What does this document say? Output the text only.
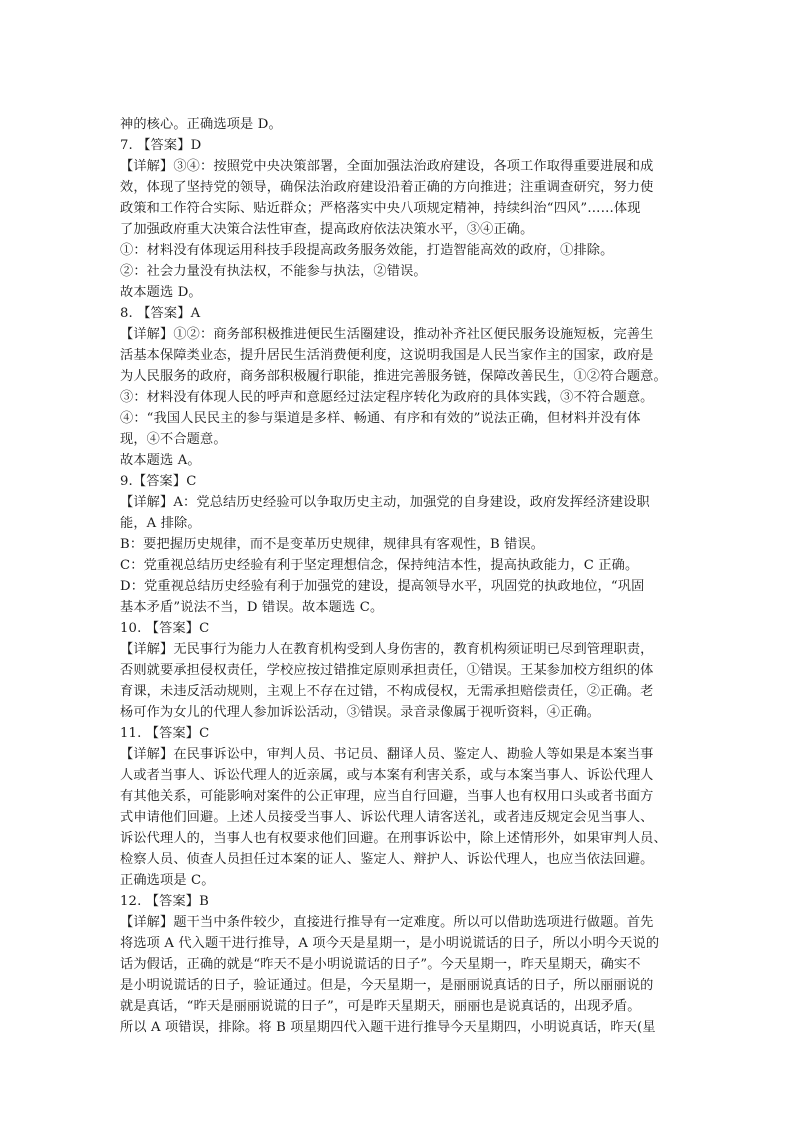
神的核心。正确选项是 D。
7. 【答案】D
【详解】③④：按照党中央决策部署，全面加强法治政府建设，各项工作取得重要进展和成
效，体现了坚持党的领导，确保法治政府建设沿着正确的方向推进；注重调查研究，努力使
政策和工作符合实际、贴近群众；严格落实中央八项规定精神，持续纠治“四风”……体现
了加强政府重大决策合法性审查，提高政府依法决策水平，③④正确。
①：材料没有体现运用科技手段提高政务服务效能，打造智能高效的政府，①排除。
②：社会力量没有执法权，不能参与执法，②错误。
故本题选 D。
8. 【答案】A
【详解】①②：商务部积极推进便民生活圈建设，推动补齐社区便民服务设施短板，完善生
活基本保障类业态，提升居民生活消费便利度，这说明我国是人民当家作主的国家，政府是
为人民服务的政府，商务部积极履行职能，推进完善服务链，保障改善民生，①②符合题意。
③：材料没有体现人民的呼声和意愿经过法定程序转化为政府的具体实践，③不符合题意。
④：“我国人民民主的参与渠道是多样、畅通、有序和有效的”说法正确，但材料并没有体
现，④不合题意。
故本题选 A。
9.【答案】C
【详解】A：党总结历史经验可以争取历史主动，加强党的自身建设，政府发挥经济建设职
能，A 排除。
B：要把握历史规律，而不是变革历史规律，规律具有客观性，B 错误。
C：党重视总结历史经验有利于坚定理想信念，保持纯洁本性，提高执政能力，C 正确。
D：党重视总结历史经验有利于加强党的建设，提高领导水平，巩固党的执政地位，“巩固
基本矛盾”说法不当，D 错误。故本题选 C。
10. 【答案】C
【详解】无民事行为能力人在教育机构受到人身伤害的，教育机构须证明已尽到管理职责，
否则就要承担侵权责任，学校应按过错推定原则承担责任，①错误。王某参加校方组织的体
育课，未违反活动规则，主观上不存在过错，不构成侵权，无需承担赔偿责任，②正确。老
杨可作为女儿的代理人参加诉讼活动，③错误。录音录像属于视听资料，④正确。
11. 【答案】C
【详解】在民事诉讼中，审判人员、书记员、翻译人员、鉴定人、勘验人等如果是本案当事
人或者当事人、诉讼代理人的近亲属，或与本案有利害关系，或与本案当事人、诉讼代理人
有其他关系，可能影响对案件的公正审理，应当自行回避，当事人也有权用口头或者书面方
式申请他们回避。上述人员接受当事人、诉讼代理人请客送礼，或者违反规定会见当事人、
诉讼代理人的，当事人也有权要求他们回避。在刑事诉讼中，除上述情形外，如果审判人员、
检察人员、侦查人员担任过本案的证人、鉴定人、辩护人、诉讼代理人，也应当依法回避。
正确选项是 C。
12. 【答案】B
【详解】题干当中条件较少，直接进行推导有一定难度。所以可以借助选项进行做题。首先
将选项 A 代入题干进行推导，A 项今天是星期一，是小明说谎话的日子，所以小明今天说的
话为假话，正确的就是“昨天不是小明说谎话的日子”。今天星期一，昨天星期天，确实不
是小明说谎话的日子，验证通过。但是，今天星期一，是丽丽说真话的日子，所以丽丽说的
就是真话，“昨天是丽丽说谎的日子”，可是昨天星期天，丽丽也是说真话的，出现矛盾。
所以 A 项错误，排除。将 B 项星期四代入题干进行推导今天星期四，小明说真话，昨天(星
